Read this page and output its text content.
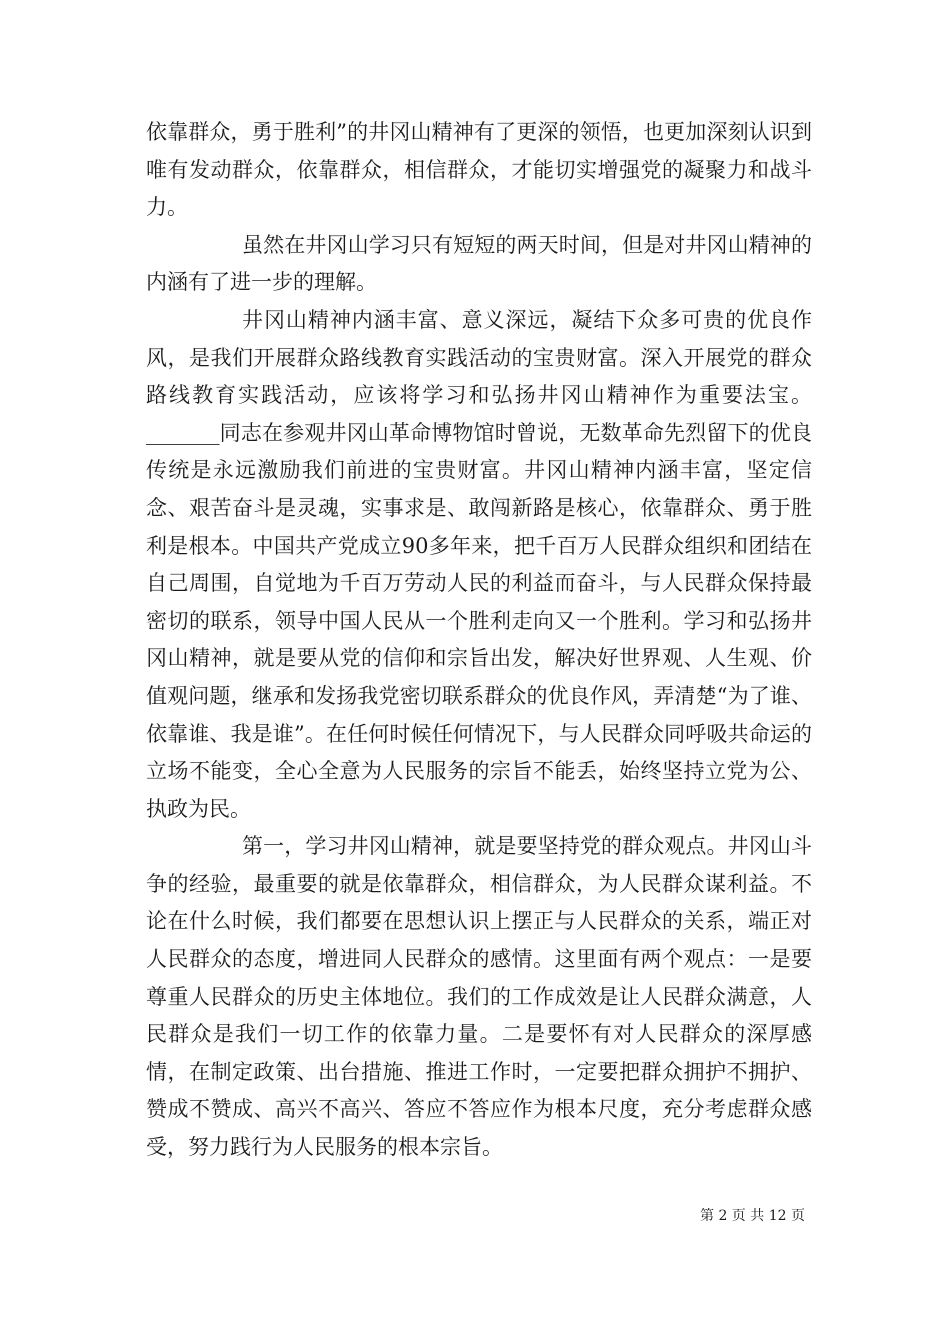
依靠群众，勇于胜利”的井冈山精神有了更深的领悟，也更加深刻认识到唯有发动群众，依靠群众，相信群众，才能切实增强党的凝聚力和战斗力。

虽然在井冈山学习只有短短的两天时间，但是对井冈山精神的内涵有了进一步的理解。

井冈山精神内涵丰富、意义深远，凝结下众多可贵的优良作风，是我们开展群众路线教育实践活动的宝贵财富。深入开展党的群众路线教育实践活动，应该将学习和弘扬井冈山精神作为重要法宝。_______同志在参观井冈山革命博物馆时曾说，无数革命先烈留下的优良传统是永远激励我们前进的宝贵财富。井冈山精神内涵丰富，坚定信念、艰苦奋斗是灵魂，实事求是、敢闯新路是核心，依靠群众、勇于胜利是根本。中国共产党成立90多年来，把千百万人民群众组织和团结在自己周围，自觉地为千百万劳动人民的利益而奋斗，与人民群众保持最密切的联系，领导中国人民从一个胜利走向又一个胜利。学习和弘扬井冈山精神，就是要从党的信仰和宗旨出发，解决好世界观、人生观、价值观问题，继承和发扬我党密切联系群众的优良作风，弄清楚“为了谁、依靠谁、我是谁”。在任何时候任何情况下，与人民群众同呼吸共命运的立场不能变，全心全意为人民服务的宗旨不能丢，始终坚持立党为公、执政为民。

第一，学习井冈山精神，就是要坚持党的群众观点。井冈山斗争的经验，最重要的就是依靠群众，相信群众，为人民群众谋利益。不论在什么时候，我们都要在思想认识上摆正与人民群众的关系，端正对人民群众的态度，增进同人民群众的感情。这里面有两个观点：一是要尊重人民群众的历史主体地位。我们的工作成效是让人民群众满意，人民群众是我们一切工作的依靠力量。二是要怀有对人民群众的深厚感情，在制定政策、出台措施、推进工作时，一定要把群众拥护不拥护、赞成不赞成、高兴不高兴、答应不答应作为根本尺度，充分考虑群众感受，努力践行为人民服务的根本宗旨。

第 2 页 共 12 页
